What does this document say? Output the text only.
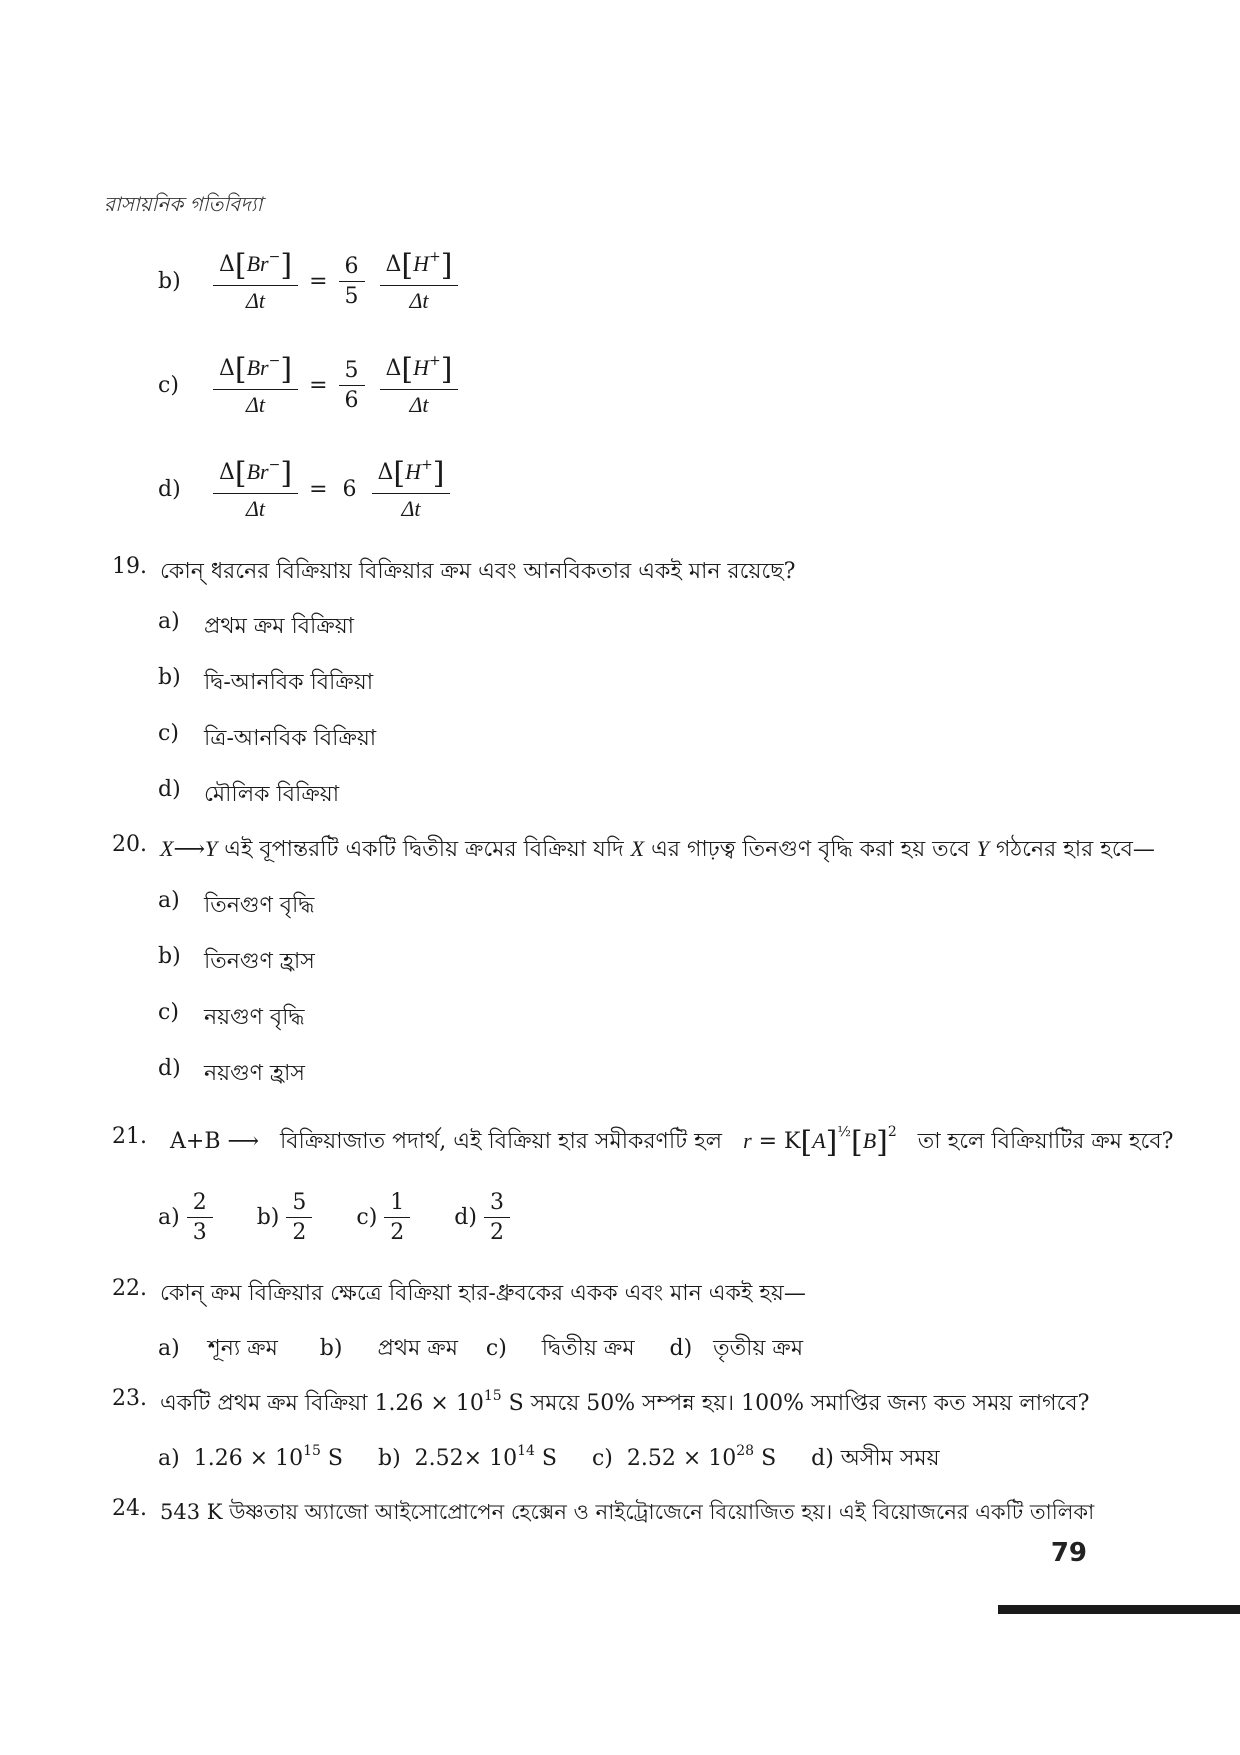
রাসায়নিক গতিবিদ্যা
$b) \frac{\Delta[Br^-]}{\Delta t} = \frac{6}{5}$
$\frac{\Delta[H^+]}{\Delta t}$
$c) \frac{\Delta[Br^-]}{\Delta t} = \frac{5}{6}$
$\frac{\Delta[H^+]}{\Delta t}$
$d) \frac{\Delta[Br^-]}{\Delta t} = 6 \frac{\Delta[H^+]}{\Delta t}$
19. কোন্ ধরনের বিক্রিয়ায় বিক্রিয়ার ক্রম এবং আনবিকতার একই মান রয়েছে?
a) প্রথম ক্রম বিক্রিয়া
b) দ্বি-আনবিক বিক্রিয়া
c) ত্রি-আনবিক বিক্রিয়া
d) মৌলিক বিক্রিয়া
20. X⟶Y এই বূপান্তরটি একটি দ্বিতীয় ক্রমের বিক্রিয়া যদি X এর গাঢ়ত্ব তিনগুণ বৃদ্ধি করা হয় তবে Y গঠনের হার হবে—
a) তিনগুণ বৃদ্ধি
b) তিনগুণ হ্রাস
c) নয়গুণ বৃদ্ধি
d) নয়গুণ হ্রাস
21. A+B ⟶ বিক্রিয়াজাত পদার্থ, এই বিক্রিয়া হার সমীকরণটি হল $r = K[A]^{\frac{1}{2}}[B]^2$ তা হলে বিক্রিয়াটির ক্রম হবে?
$a) \frac{2}{3} b) \frac{5}{2} c) \frac{1}{2} d) \frac{3}{2}$
22. কোন্ ক্রম বিক্রিয়ার ক্ষেত্রে বিক্রিয়া হার-ধ্রুবকের একক এবং মান একই হয়—
a) শূন্য ক্রম b) প্রথম ক্রম c) দ্বিতীয় ক্রম d) তৃতীয় ক্রম
23. একটি প্রথম ক্রম বিক্রিয়া $1.26 \times 10^{15}$ S সময়ে 50% সম্পন্ন হয়। 100% সমাপ্তির জন্য কত সময় লাগবে?
a) $1.26 \times 10^{15}$ S b) $2.52\times 10^{14}$ S c) $2.52 \times 10^{28}$ S d) অসীম সময়
24. 543 K উষ্ণতায় অ্যাজো আইসোপ্রোপেন হেক্সেন ও নাইট্রোজেনে বিয়োজিত হয়। এই বিয়োজনের একটি তালিকা
79
